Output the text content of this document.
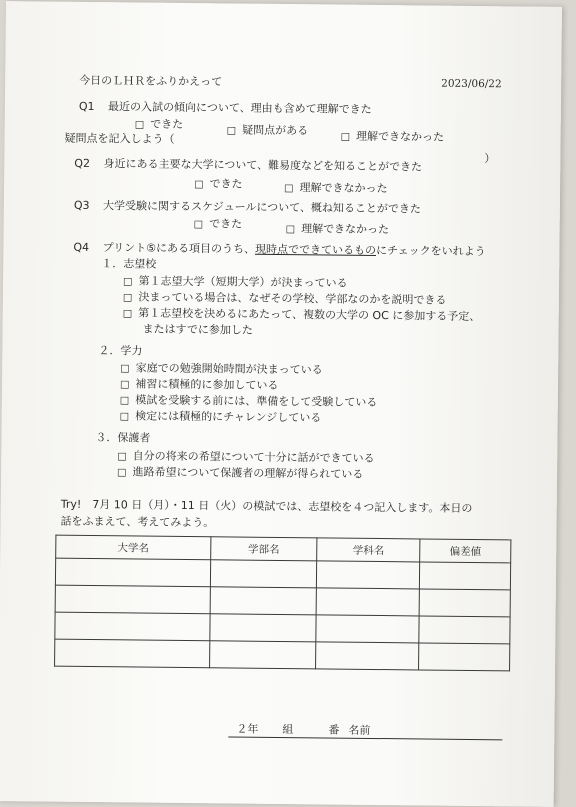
今日のＬＨＲをふりかえって	2023/06/22
Q1 最近の入試の傾向について、理由も含めて理解できた
□ できた
□ 疑問点がある	□ 理解できなかった
疑問点を記入しよう（
）
Q2 身近にある主要な大学について、難易度などを知ることができた
□ できた	□ 理解できなかった
Q3 大学受験に関するスケジュールについて、概ね知ることができた
□ できた	□ 理解できなかった
Q4 プリント⑤にある項目のうち、現時点でできているものにチェックをいれよう
１．志望校
□ 第１志望大学（短期大学）が決まっている
□ 決まっている場合は、なぜその学校、学部なのかを説明できる
□ 第１志望校を決めるにあたって、複数の大学の OC に参加する予定、
またはすでに参加した
２．学力
□ 家庭での勉強開始時間が決まっている
□ 補習に積極的に参加している
□ 模試を受験する前には、準備をして受験している
□ 検定には積極的にチャレンジしている
３．保護者
□ 自分の将来の希望について十分に話ができている
□ 進路希望について保護者の理解が得られている
Try!　7月 10 日（月）・11 日（火）の模試では、志望校を４つ記入します。本日の
話をふまえて、考えてみよう。
大学名	学部名	学科名	偏差値

２年 組	番 名前
